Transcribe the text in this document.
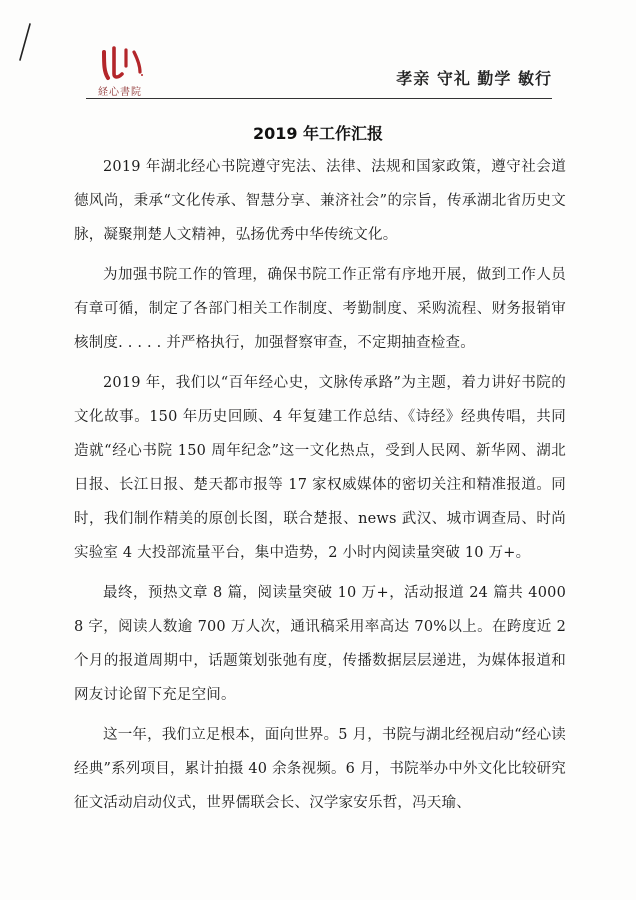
経心書院
孝亲 守礼 勤学 敏行
2019 年工作汇报

2019 年湖北经心书院遵守宪法、法律、法规和国家政策，遵守社会道德风尚，秉承“文化传承、智慧分享、兼济社会”的宗旨，传承湖北省历史文脉，凝聚荆楚人文精神，弘扬优秀中华传统文化。

为加强书院工作的管理，确保书院工作正常有序地开展，做到工作人员有章可循，制定了各部门相关工作制度、考勤制度、采购流程、财务报销审核制度. . . . . 并严格执行，加强督察审查，不定期抽查检查。

2019 年，我们以“百年经心史，文脉传承路”为主题，着力讲好书院的文化故事。150 年历史回顾、4 年复建工作总结、《诗经》经典传唱，共同造就“经心书院 150 周年纪念”这一文化热点，受到人民网、新华网、湖北日报、长江日报、楚天都市报等 17 家权威媒体的密切关注和精准报道。同时，我们制作精美的原创长图，联合楚报、news 武汉、城市调查局、时尚实验室 4 大投部流量平台，集中造势，2 小时内阅读量突破 10 万+。

最终，预热文章 8 篇，阅读量突破 10 万+，活动报道 24 篇共 40008 字，阅读人数逾 700 万人次，通讯稿采用率高达 70%以上。在跨度近 2 个月的报道周期中，话题策划张弛有度，传播数据层层递进，为媒体报道和网友讨论留下充足空间。

这一年，我们立足根本，面向世界。5 月，书院与湖北经视启动“经心读经典”系列项目，累计拍摄 40 余条视频。6 月，书院举办中外文化比较研究征文活动启动仪式，世界儒联会长、汉学家安乐哲，冯天瑜、
